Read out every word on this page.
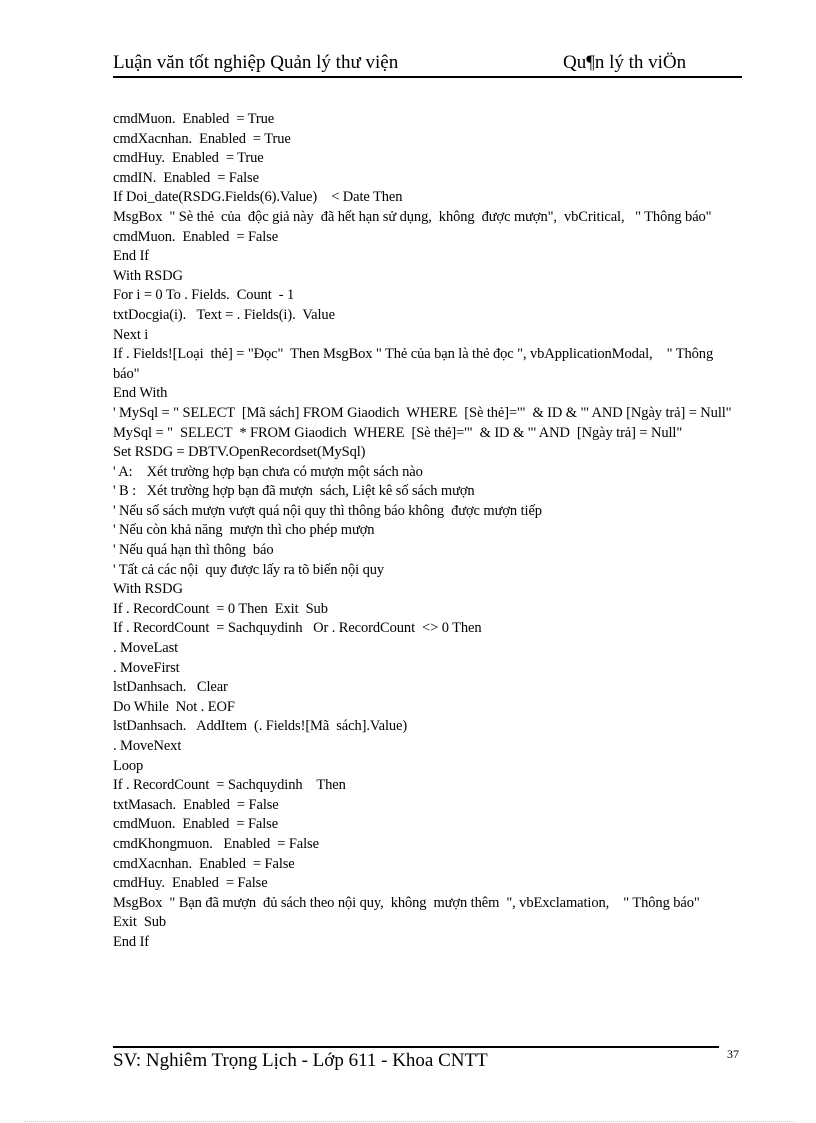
Luận văn tốt nghiệp Quản lý thư viện	Qu¶n lý th viÖn
cmdMuon.  Enabled  = True
cmdXacnhan.  Enabled  = True
cmdHuy.  Enabled  = True
cmdIN.  Enabled  = False
If Doi_date(RSDG.Fields(6).Value)    < Date Then
MsgBox  " Sè thẻ  của  độc giả này  đã hết hạn sử dụng,  không  được mượn",  vbCritical,   " Thông báo"
cmdMuon.  Enabled  = False
End If
With RSDG
For i = 0 To . Fields.  Count  - 1
txtDocgia(i).   Text = . Fields(i).  Value
Next i
If . Fields![Loại  thẻ] = "Đọc"  Then MsgBox " Thẻ của bạn là thẻ đọc ", vbApplicationModal,    " Thông báo"
End With
' MySql = " SELECT  [Mã sách] FROM Giaodich  WHERE  [Sè thẻ]='"  & ID & "' AND [Ngày trả] = Null"
MySql = "  SELECT  * FROM Giaodich  WHERE  [Sè thẻ]='"  & ID & "' AND  [Ngày trả] = Null"
Set RSDG = DBTV.OpenRecordset(MySql)
' A:    Xét trường hợp bạn chưa có mượn một sách nào
' B :   Xét trường hợp bạn đã mượn  sách, Liệt kê số sách mượn
' Nếu số sách mượn vượt quá nội quy thì thông báo không  được mượn tiếp
' Nếu còn khả năng  mượn thì cho phép mượn
' Nếu quá hạn thì thông  báo
' Tất cả các nội  quy được lấy ra tõ biến nội quy
With RSDG
If . RecordCount  = 0 Then  Exit  Sub
If . RecordCount  = Sachquydinh   Or . RecordCount  <> 0 Then
. MoveLast
. MoveFirst
lstDanhsach.   Clear
Do While  Not . EOF
lstDanhsach.   AddItem  (. Fields![Mã  sách].Value)
. MoveNext
Loop
If . RecordCount  = Sachquydinh    Then
txtMasach.  Enabled  = False
cmdMuon.  Enabled  = False
cmdKhongmuon.   Enabled  = False
cmdXacnhan.  Enabled  = False
cmdHuy.  Enabled  = False
MsgBox  " Bạn đã mượn  đủ sách theo nội quy,  không  mượn thêm  ", vbExclamation,    " Thông báo"
Exit  Sub
End If
SV: Nghiêm Trọng Lịch - Lớp 611 - Khoa CNTT	37
